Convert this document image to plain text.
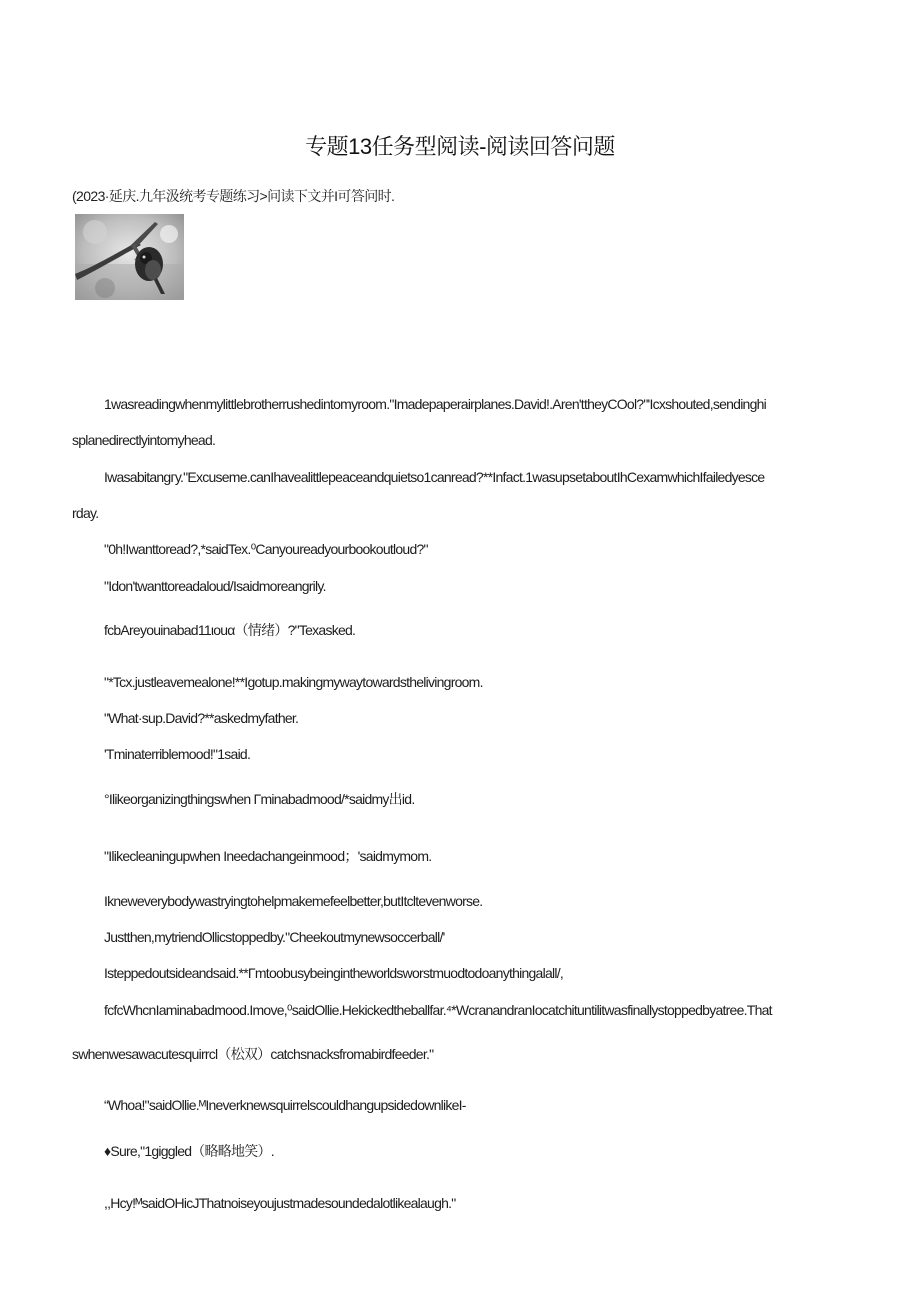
专题13任务型阅读-阅读回答问题
(2023·延庆.九年汲统考专题练习>问读下文并I可答问时.
1wasreadingwhenmylittlebrotherrushedintomyroom."Imadepaperairplanes.David!.Aren'ttheyCOol?"'Icxshouted,sendinghi
splanedirectlyintomyhead.
Iwasabitangгy."Excuseme.canIhavealittlepeaceandquietso1canread?**Infact.1wasupsetaboutIhCexamwhichIfailedyesce
rday.
"0h!Iwanttoread?,*saidTex.⁰Canyoureadyourbookoutloud?"
"Idon'twanttoreadaloud/Isaidmoreangrily.
fcbAreyouinabad11ιouα（情绪）?"Texasked.
"*Tcx.justleavemealone!**Igotup.makingmywaytowardsthelivingroom.
"What·sup.David?**askedmyfather.
'Tminaterriblemood!"1said.
°Ilikeorganizingthingswhen Γminabadmood/*saidmy出id.
"Ilikecleaningupwhen Ineedachangeinmood；'saidmymom.
Ikneweverybodywastryingtohelpmakemefeelbetter,butItcltevenworse.
Justthen,mytriendOllicstoppedby."Cheekoutmynewsoccerball/'
Isteppedoutsideandsaid.**Γmtoobusybeingintheworldsworstmuodtodoanythingalall/,
fcfcWhcnIaminabadmood.Imove,⁰saidOllie.Hekickedtheballfar.⁴*WcranandranIocatchituntilitwasfinallystoppedbyatree.That
swhenwesawacutesquirrcl（松双）catchsnacksfromabirdfeeder."
“Whoa!"saidOllie.ᴹIneverknewsquirrelscouldhangupsidedownlikeI-
♦Sure,"1giggled（略略地笑）.
,,Hcy!ᴹsaidOHicJThatnoiseyoujustmadesoundedalotlikealaugh."
